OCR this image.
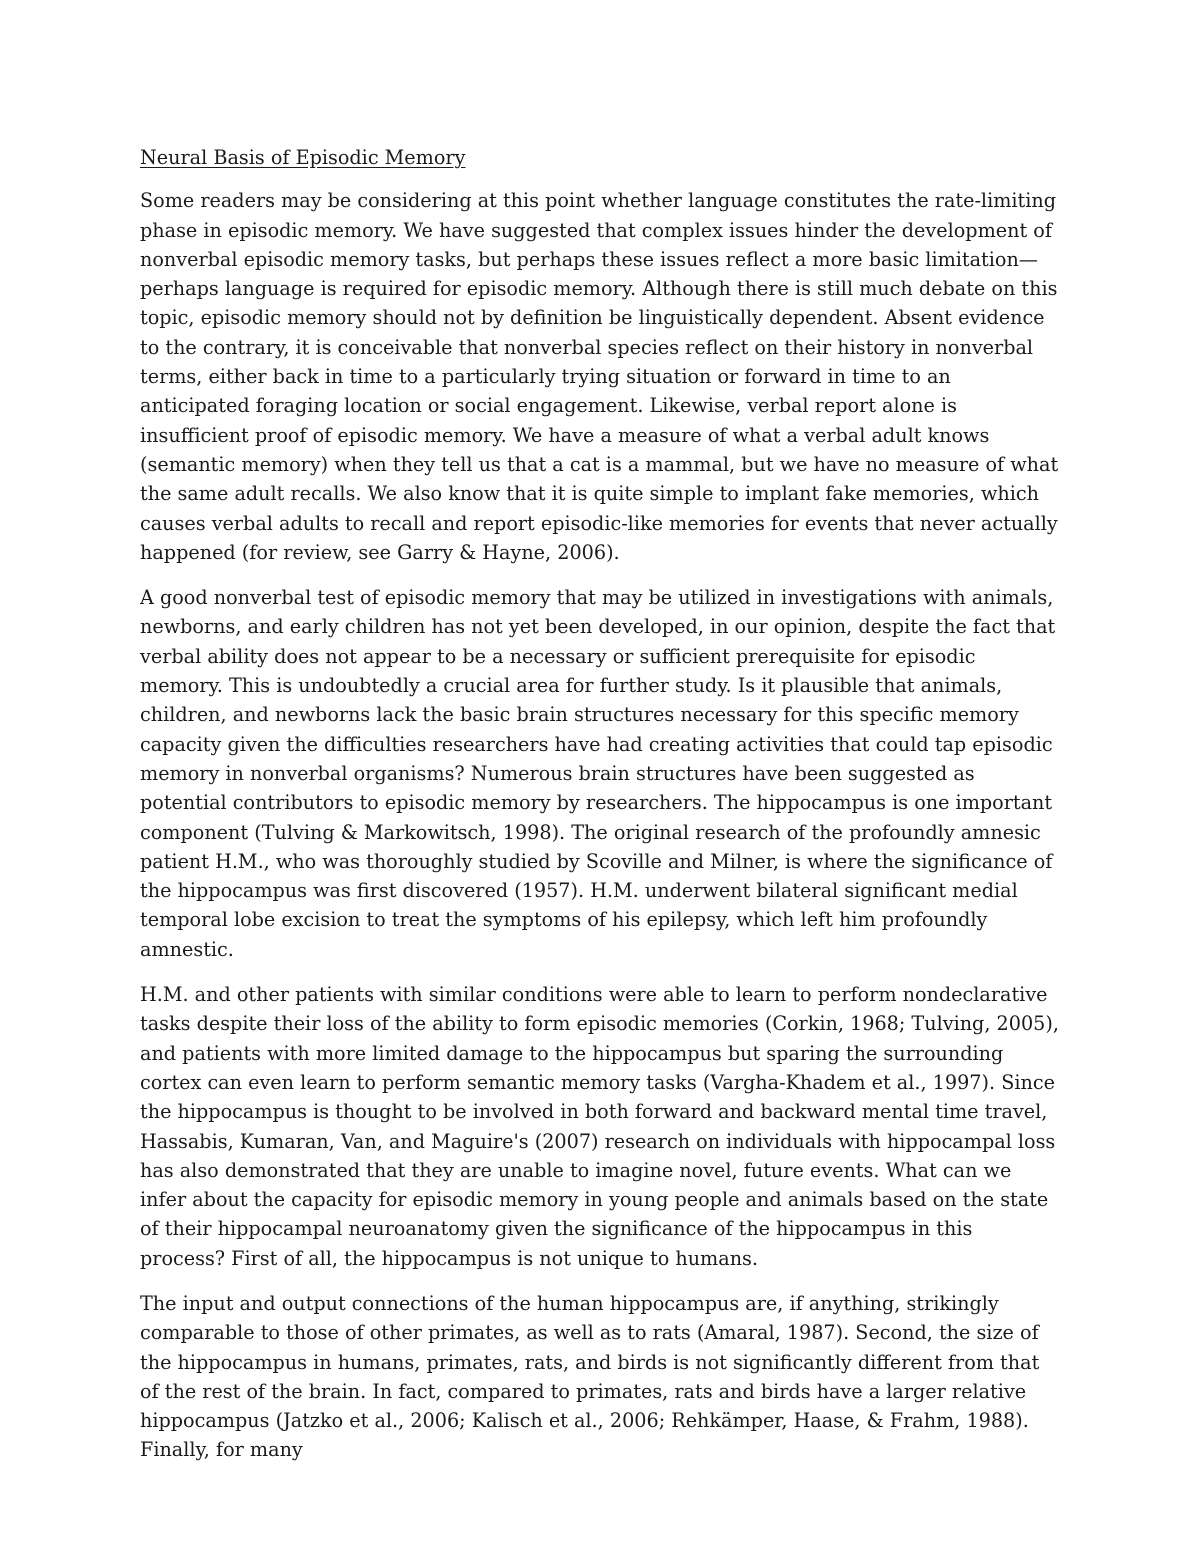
Neural Basis of Episodic Memory

Some readers may be considering at this point whether language constitutes the rate-limiting phase in episodic memory. We have suggested that complex issues hinder the development of nonverbal episodic memory tasks, but perhaps these issues reflect a more basic limitation— perhaps language is required for episodic memory. Although there is still much debate on this topic, episodic memory should not by definition be linguistically dependent. Absent evidence to the contrary, it is conceivable that nonverbal species reflect on their history in nonverbal terms, either back in time to a particularly trying situation or forward in time to an anticipated foraging location or social engagement. Likewise, verbal report alone is insufficient proof of episodic memory. We have a measure of what a verbal adult knows (semantic memory) when they tell us that a cat is a mammal, but we have no measure of what the same adult recalls. We also know that it is quite simple to implant fake memories, which causes verbal adults to recall and report episodic-like memories for events that never actually happened (for review, see Garry & Hayne, 2006).

A good nonverbal test of episodic memory that may be utilized in investigations with animals, newborns, and early children has not yet been developed, in our opinion, despite the fact that verbal ability does not appear to be a necessary or sufficient prerequisite for episodic memory. This is undoubtedly a crucial area for further study. Is it plausible that animals, children, and newborns lack the basic brain structures necessary for this specific memory capacity given the difficulties researchers have had creating activities that could tap episodic memory in nonverbal organisms? Numerous brain structures have been suggested as potential contributors to episodic memory by researchers. The hippocampus is one important component (Tulving & Markowitsch, 1998). The original research of the profoundly amnesic patient H.M., who was thoroughly studied by Scoville and Milner, is where the significance of the hippocampus was first discovered (1957). H.M. underwent bilateral significant medial temporal lobe excision to treat the symptoms of his epilepsy, which left him profoundly amnestic.

H.M. and other patients with similar conditions were able to learn to perform nondeclarative tasks despite their loss of the ability to form episodic memories (Corkin, 1968; Tulving, 2005), and patients with more limited damage to the hippocampus but sparing the surrounding cortex can even learn to perform semantic memory tasks (Vargha-Khadem et al., 1997). Since the hippocampus is thought to be involved in both forward and backward mental time travel, Hassabis, Kumaran, Van, and Maguire's (2007) research on individuals with hippocampal loss has also demonstrated that they are unable to imagine novel, future events. What can we infer about the capacity for episodic memory in young people and animals based on the state of their hippocampal neuroanatomy given the significance of the hippocampus in this process? First of all, the hippocampus is not unique to humans.

The input and output connections of the human hippocampus are, if anything, strikingly comparable to those of other primates, as well as to rats (Amaral, 1987). Second, the size of the hippocampus in humans, primates, rats, and birds is not significantly different from that of the rest of the brain. In fact, compared to primates, rats and birds have a larger relative hippocampus (Jatzko et al., 2006; Kalisch et al., 2006; Rehkämper, Haase, & Frahm, 1988). Finally, for many
